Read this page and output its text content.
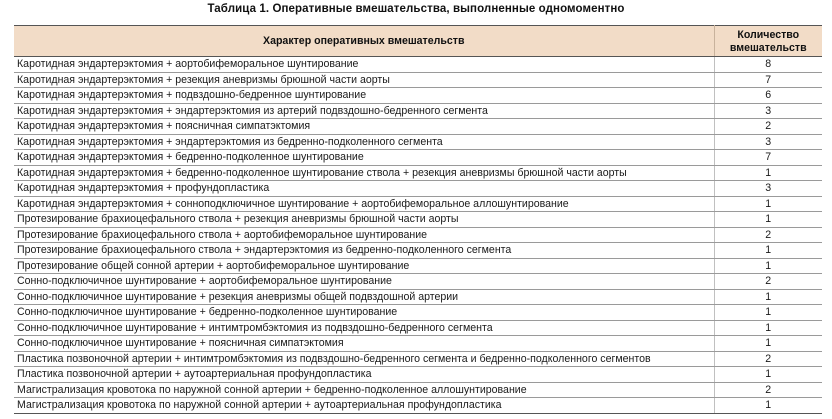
Таблица 1. Оперативные вмешательства, выполненные одномоментно
Характер оперативных вмешательств	Количество
вмешательств
Каротидная эндартерэктомия + аортобифеморальное шунтирование	8
Каротидная эндартерэктомия + резекция аневризмы брюшной части аорты	7
Каротидная эндартерэктомия + подвздошно-бедренное шунтирование	6
Каротидная эндартерэктомия + эндартерэктомия из артерий подвздошно-бедренного сегмента	3
Каротидная эндартерэктомия + поясничная симпатэктомия	2
Каротидная эндартерэктомия + эндартерэктомия из бедренно-подколенного сегмента	3
Каротидная эндартерэктомия + бедренно-подколенное шунтирование	7
Каротидная эндартерэктомия + бедренно-подколенное шунтирование ствола + резекция аневризмы брюшной части аорты	1
Каротидная эндартерэктомия + профундопластика	3
Каротидная эндартерэктомия + соннoподключичное шунтирование + аортобифеморальное аллошунтирование	1
Протезирование брахиоцефального ствола + резекция аневризмы брюшной части аорты	1
Протезирование брахиоцефального ствола + аортобифеморальное шунтирование	2
Протезирование брахиоцефального ствола + эндартерэктомия из бедренно-подколенного сегмента	1
Протезирование общей сонной артерии + аортобифеморальное шунтирование	1
Сонно-подключичное шунтирование + аортобифеморальное шунтирование	2
Сонно-подключичное шунтирование + резекция аневризмы общей подвздошной артерии	1
Сонно-подключичное шунтирование + бедренно-подколенное шунтирование	1
Сонно-подключичное шунтирование + интимтромбэктомия из подвздошно-бедренного сегмента	1
Сонно-подключичное шунтирование + поясничная симпатэктомия	1
Пластика позвоночной артерии + интимтромбэктомия из подвздошно-бедренного сегмента и бедренно-подколенного сегментов	2
Пластика позвоночной артерии + аутоартериальная профундопластика	1
Магистрализация кровотока по наружной сонной артерии + бедренно-подколенное аллошунтирование	2
Магистрализация кровотока по наружной сонной артерии + аутоартериальная профундопластика	1
